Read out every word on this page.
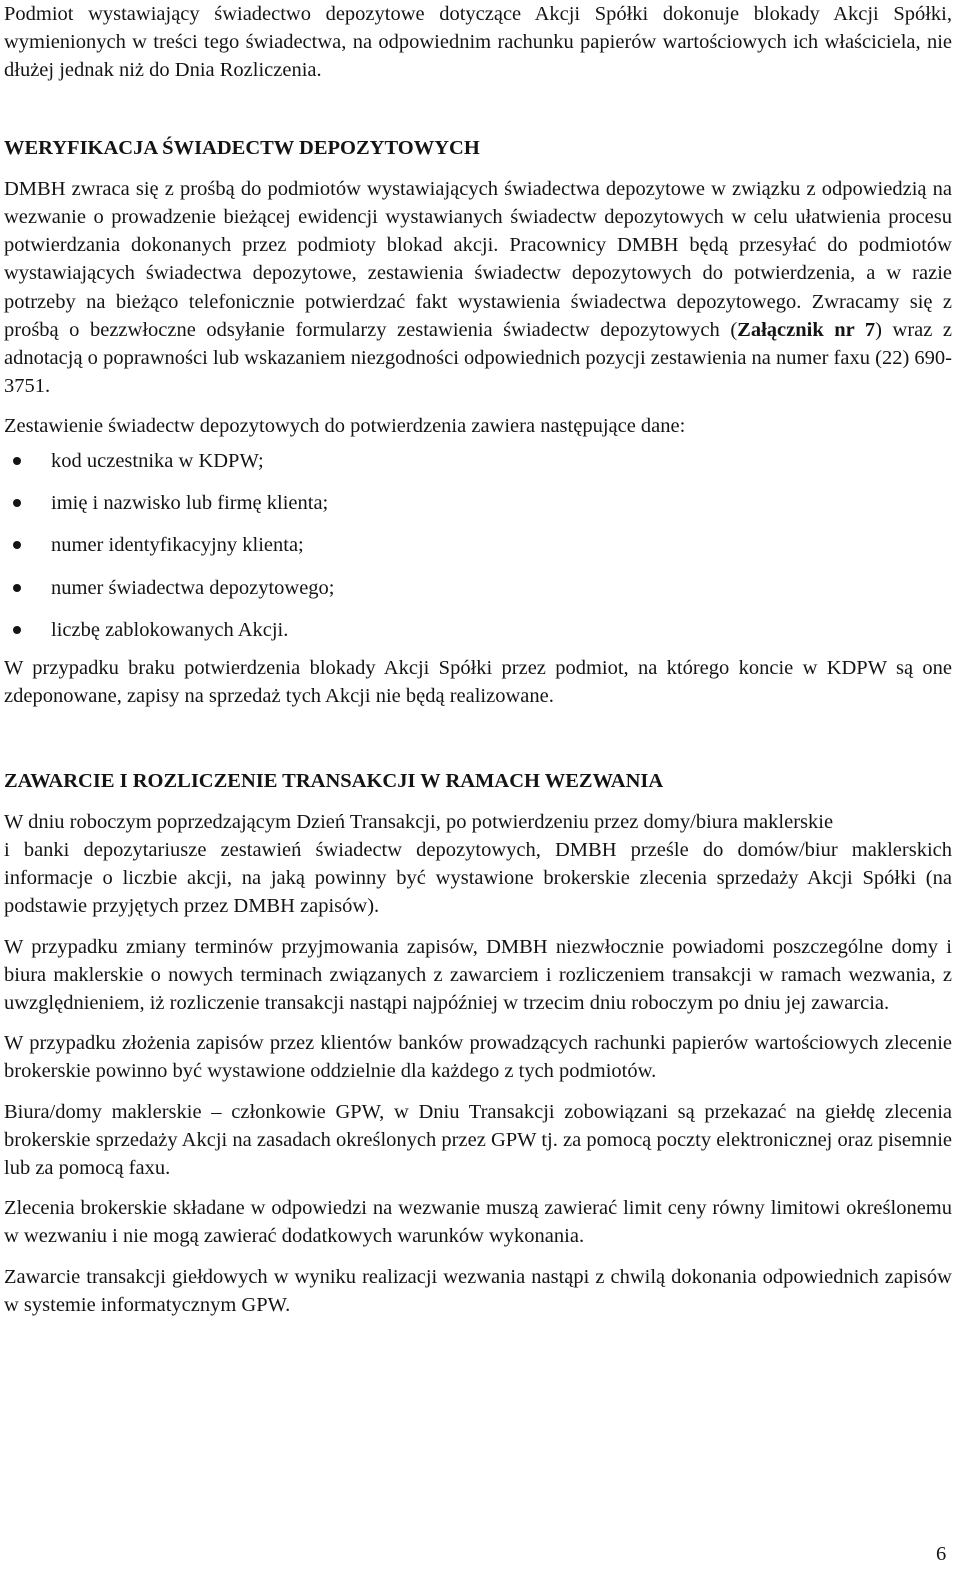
Podmiot wystawiający świadectwo depozytowe dotyczące Akcji Spółki dokonuje blokady Akcji Spółki, wymienionych w treści tego świadectwa, na odpowiednim rachunku papierów wartościowych ich właściciela, nie dłużej jednak niż do Dnia Rozliczenia.

WERYFIKACJA ŚWIADECTW DEPOZYTOWYCH

DMBH zwraca się z prośbą do podmiotów wystawiających świadectwa depozytowe w związku z odpowiedzią na wezwanie o prowadzenie bieżącej ewidencji wystawianych świadectw depozytowych w celu ułatwienia procesu potwierdzania dokonanych przez podmioty blokad akcji. Pracownicy DMBH będą przesyłać do podmiotów wystawiających świadectwa depozytowe, zestawienia świadectw depozytowych do potwierdzenia, a w razie potrzeby na bieżąco telefonicznie potwierdzać fakt wystawienia świadectwa depozytowego. Zwracamy się z prośbą o bezzwłoczne odsyłanie formularzy zestawienia świadectw depozytowych (Załącznik nr 7) wraz z adnotacją o poprawności lub wskazaniem niezgodności odpowiednich pozycji zestawienia na numer faxu (22) 690-3751.

Zestawienie świadectw depozytowych do potwierdzenia zawiera następujące dane:

kod uczestnika w KDPW;
imię i nazwisko lub firmę klienta;
numer identyfikacyjny klienta;
numer świadectwa depozytowego;
liczbę zablokowanych Akcji.

W przypadku braku potwierdzenia blokady Akcji Spółki przez podmiot, na którego koncie w KDPW są one zdeponowane, zapisy na sprzedaż tych Akcji nie będą realizowane.

ZAWARCIE I ROZLICZENIE TRANSAKCJI W RAMACH WEZWANIA

W dniu roboczym poprzedzającym Dzień Transakcji, po potwierdzeniu przez domy/biura maklerskie

i banki depozytariusze zestawień świadectw depozytowych, DMBH prześle do domów/biur maklerskich informacje o liczbie akcji, na jaką powinny być wystawione brokerskie zlecenia sprzedaży Akcji Spółki (na podstawie przyjętych przez DMBH zapisów).

W przypadku zmiany terminów przyjmowania zapisów, DMBH niezwłocznie powiadomi poszczególne domy i biura maklerskie o nowych terminach związanych z zawarciem i rozliczeniem transakcji w ramach wezwania, z uwzględnieniem, iż rozliczenie transakcji nastąpi najpóźniej w trzecim dniu roboczym po dniu jej zawarcia.

W przypadku złożenia zapisów przez klientów banków prowadzących rachunki papierów wartościowych zlecenie brokerskie powinno być wystawione oddzielnie dla każdego z tych podmiotów.

Biura/domy maklerskie – członkowie GPW, w Dniu Transakcji zobowiązani są przekazać na giełdę zlecenia brokerskie sprzedaży Akcji na zasadach określonych przez GPW tj. za pomocą poczty elektronicznej oraz pisemnie lub za pomocą faxu.

Zlecenia brokerskie składane w odpowiedzi na wezwanie muszą zawierać limit ceny równy limitowi określonemu w wezwaniu i nie mogą zawierać dodatkowych warunków wykonania.

Zawarcie transakcji giełdowych w wyniku realizacji wezwania nastąpi z chwilą dokonania odpowiednich zapisów w systemie informatycznym GPW.

6
